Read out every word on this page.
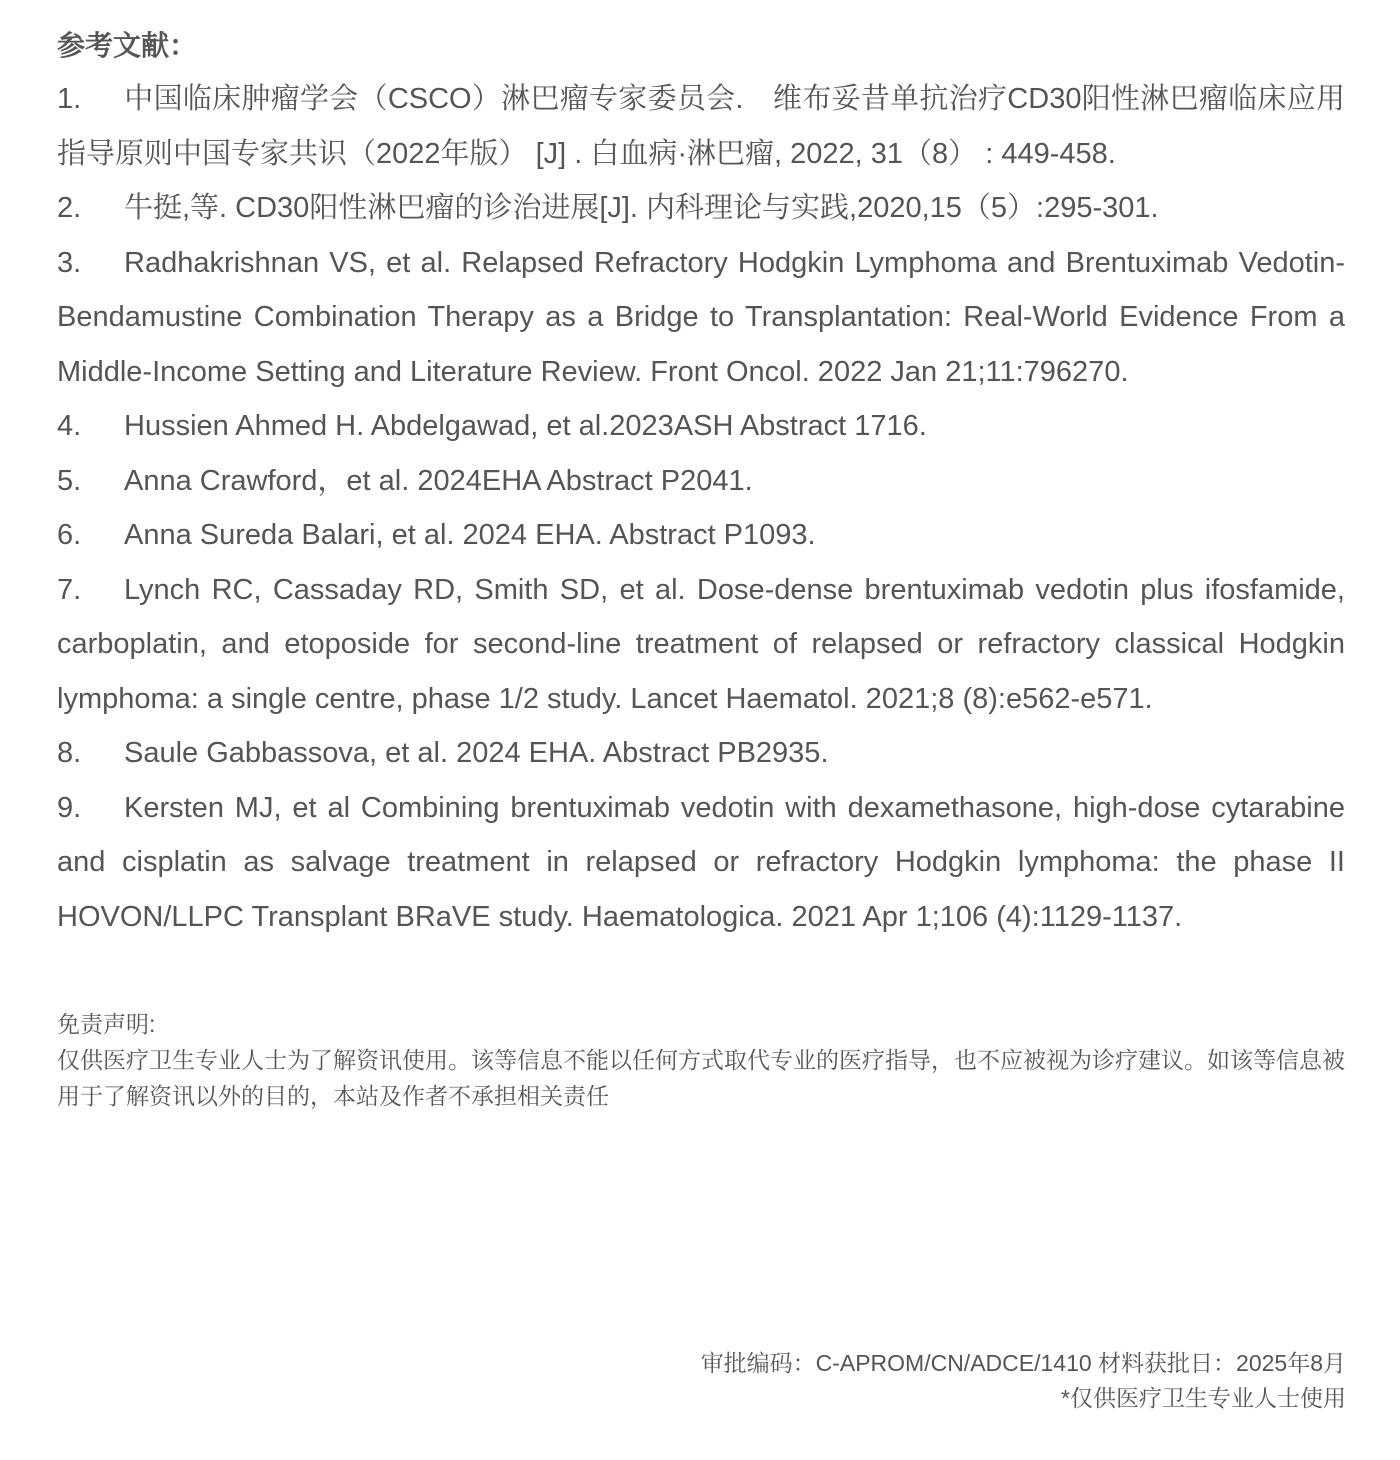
参考文献：
1. 中国临床肿瘤学会（CSCO）淋巴瘤专家委员会.　维布妥昔单抗治疗CD30阳性淋巴瘤临床应用指导原则中国专家共识（2022年版） [J] . 白血病·淋巴瘤, 2022, 31（8） : 449-458.
2. 牛挺,等. CD30阳性淋巴瘤的诊治进展[J]. 内科理论与实践,2020,15（5）:295-301.
3. Radhakrishnan VS, et al. Relapsed Refractory Hodgkin Lymphoma and Brentuximab Vedotin-Bendamustine Combination Therapy as a Bridge to Transplantation: Real-World Evidence From a Middle-Income Setting and Literature Review. Front Oncol. 2022 Jan 21;11:796270.
4. Hussien Ahmed H. Abdelgawad, et al.2023ASH Abstract 1716.
5. Anna Crawford，et al. 2024EHA Abstract P2041.
6. Anna Sureda Balari, et al. 2024 EHA. Abstract P1093.
7. Lynch RC, Cassaday RD, Smith SD, et al. Dose-dense brentuximab vedotin plus ifosfamide, carboplatin, and etoposide for second-line treatment of relapsed or refractory classical Hodgkin lymphoma: a single centre, phase 1/2 study. Lancet Haematol. 2021;8 (8):e562-e571.
8. Saule Gabbassova, et al. 2024 EHA. Abstract PB2935.
9. Kersten MJ, et al Combining brentuximab vedotin with dexamethasone, high-dose cytarabine and cisplatin as salvage treatment in relapsed or refractory Hodgkin lymphoma: the phase II HOVON/LLPC Transplant BRaVE study. Haematologica. 2021 Apr 1;106 (4):1129-1137.

免责声明:

仅供医疗卫生专业人士为了解资讯使用。该等信息不能以任何方式取代专业的医疗指导，也不应被视为诊疗建议。如该等信息被用于了解资讯以外的目的，本站及作者不承担相关责任

审批编码：C-APROM/CN/ADCE/1410 材料获批日：2025年8月

*仅供医疗卫生专业人士使用
